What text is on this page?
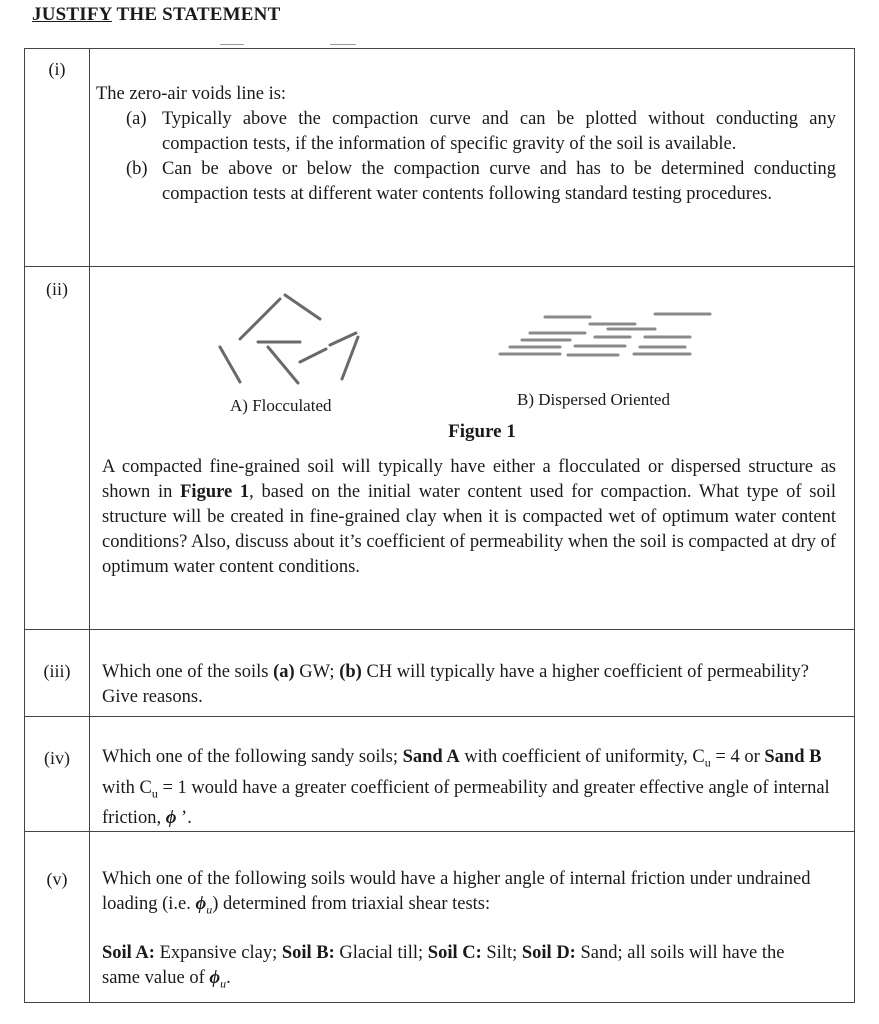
JUSTIFY THE STATEMENT
(i)	The zero-air voids line is:
(a) Typically above the compaction curve and can be plotted without conducting any compaction tests, if the information of specific gravity of the soil is available.
(b) Can be above or below the compaction curve and has to be determined conducting compaction tests at different water contents following standard testing procedures.

(ii)	A) Flocculated B) Dispersed Oriented
Figure 1
A compacted fine-grained soil will typically have either a flocculated or dispersed structure as shown in Figure 1, based on the initial water content used for compaction. What type of soil structure will be created in fine-grained clay when it is compacted wet of optimum water content conditions? Also, discuss about it’s coefficient of permeability when the soil is compacted at dry of optimum water content conditions.

(iii)	Which one of the soils (a) GW; (b) CH will typically have a higher coefficient of permeability? Give reasons.

(iv)	Which one of the following sandy soils; Sand A with coefficient of uniformity, $C_u = 4$ or Sand B with $C_u = 1$ would have a greater coefficient of permeability and greater effective angle of internal friction, ϕ ’.

(v)	Which one of the following soils would have a higher angle of internal friction under undrained loading (i.e. $\phi_u$) determined from triaxial shear tests:
Soil A: Expansive clay; Soil B: Glacial till; Soil C: Silt; Soil D: Sand; all soils will have the same value of $\phi_u$.
